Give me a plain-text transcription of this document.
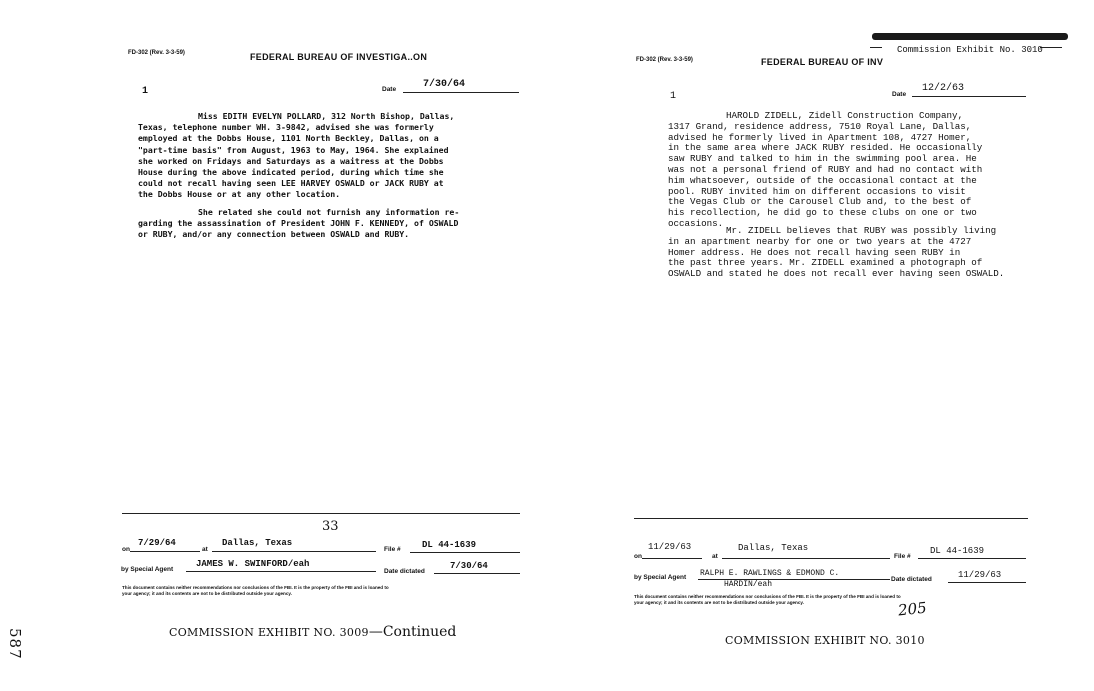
FD-302 (Rev. 3-3-59)	FEDERAL BUREAU OF INVESTIGA..ON
Date	7/30/64
1
Miss EDITH EVELYN POLLARD, 312 North Bishop, Dallas,
Texas, telephone number WH. 3-9842, advised she was formerly
employed at the Dobbs House, 1101 North Beckley, Dallas, on a
"part-time basis" from August, 1963 to May, 1964. She explained
she worked on Fridays and Saturdays as a waitress at the Dobbs
House during the above indicated period, during which time she
could not recall having seen LEE HARVEY OSWALD or JACK RUBY at
the Dobbs House or at any other location.
She related she could not furnish any information re-
garding the assassination of President JOHN F. KENNEDY, of OSWALD
or RUBY, and/or any connection between OSWALD and RUBY.
33
on
7/29/64
at
Dallas, Texas
File # DL 44-1639
by Special Agent
JAMES W. SWINFORD/eah
Date dictated
7/30/64
This document contains neither recommendations nor conclusions of the FBI. It is the property of the FBI and is loaned to
your agency; it and its contents are not to be distributed outside your agency.
COMMISSION EXHIBIT NO. 3009—Continued
587
Commission Exhibit No. 3010
FD-302 (Rev. 3-3-59)	FEDERAL BUREAU OF INV
Date
12/2/63
1
HAROLD ZIDELL, Zidell Construction Company,
1317 Grand, residence address, 7510 Royal Lane, Dallas,
advised he formerly lived in Apartment 108, 4727 Homer,
in the same area where JACK RUBY resided. He occasionally
saw RUBY and talked to him in the swimming pool area. He
was not a personal friend of RUBY and had no contact with
him whatsoever, outside of the occasional contact at the
pool. RUBY invited him on different occasions to visit
the Vegas Club or the Carousel Club and, to the best of
his recollection, he did go to these clubs on one or two
occasions.
Mr. ZIDELL believes that RUBY was possibly living
in an apartment nearby for one or two years at the 4727
Homer address. He does not recall having seen RUBY in
the past three years. Mr. ZIDELL examined a photograph of
OSWALD and stated he does not recall ever having seen OSWALD.
on
11/29/63
at
Dallas, Texas
File #
DL 44-1639
by Special Agent RALPH E. RAWLINGS & EDMOND C.
HARDIN/eah
Date dictated	11/29/63
This document contains neither recommendations nor conclusions of the FBI. It is the property of the FBI and is loaned to
your agency; it and its contents are not to be distributed outside your agency.	205
COMMISSION EXHIBIT NO. 3010
